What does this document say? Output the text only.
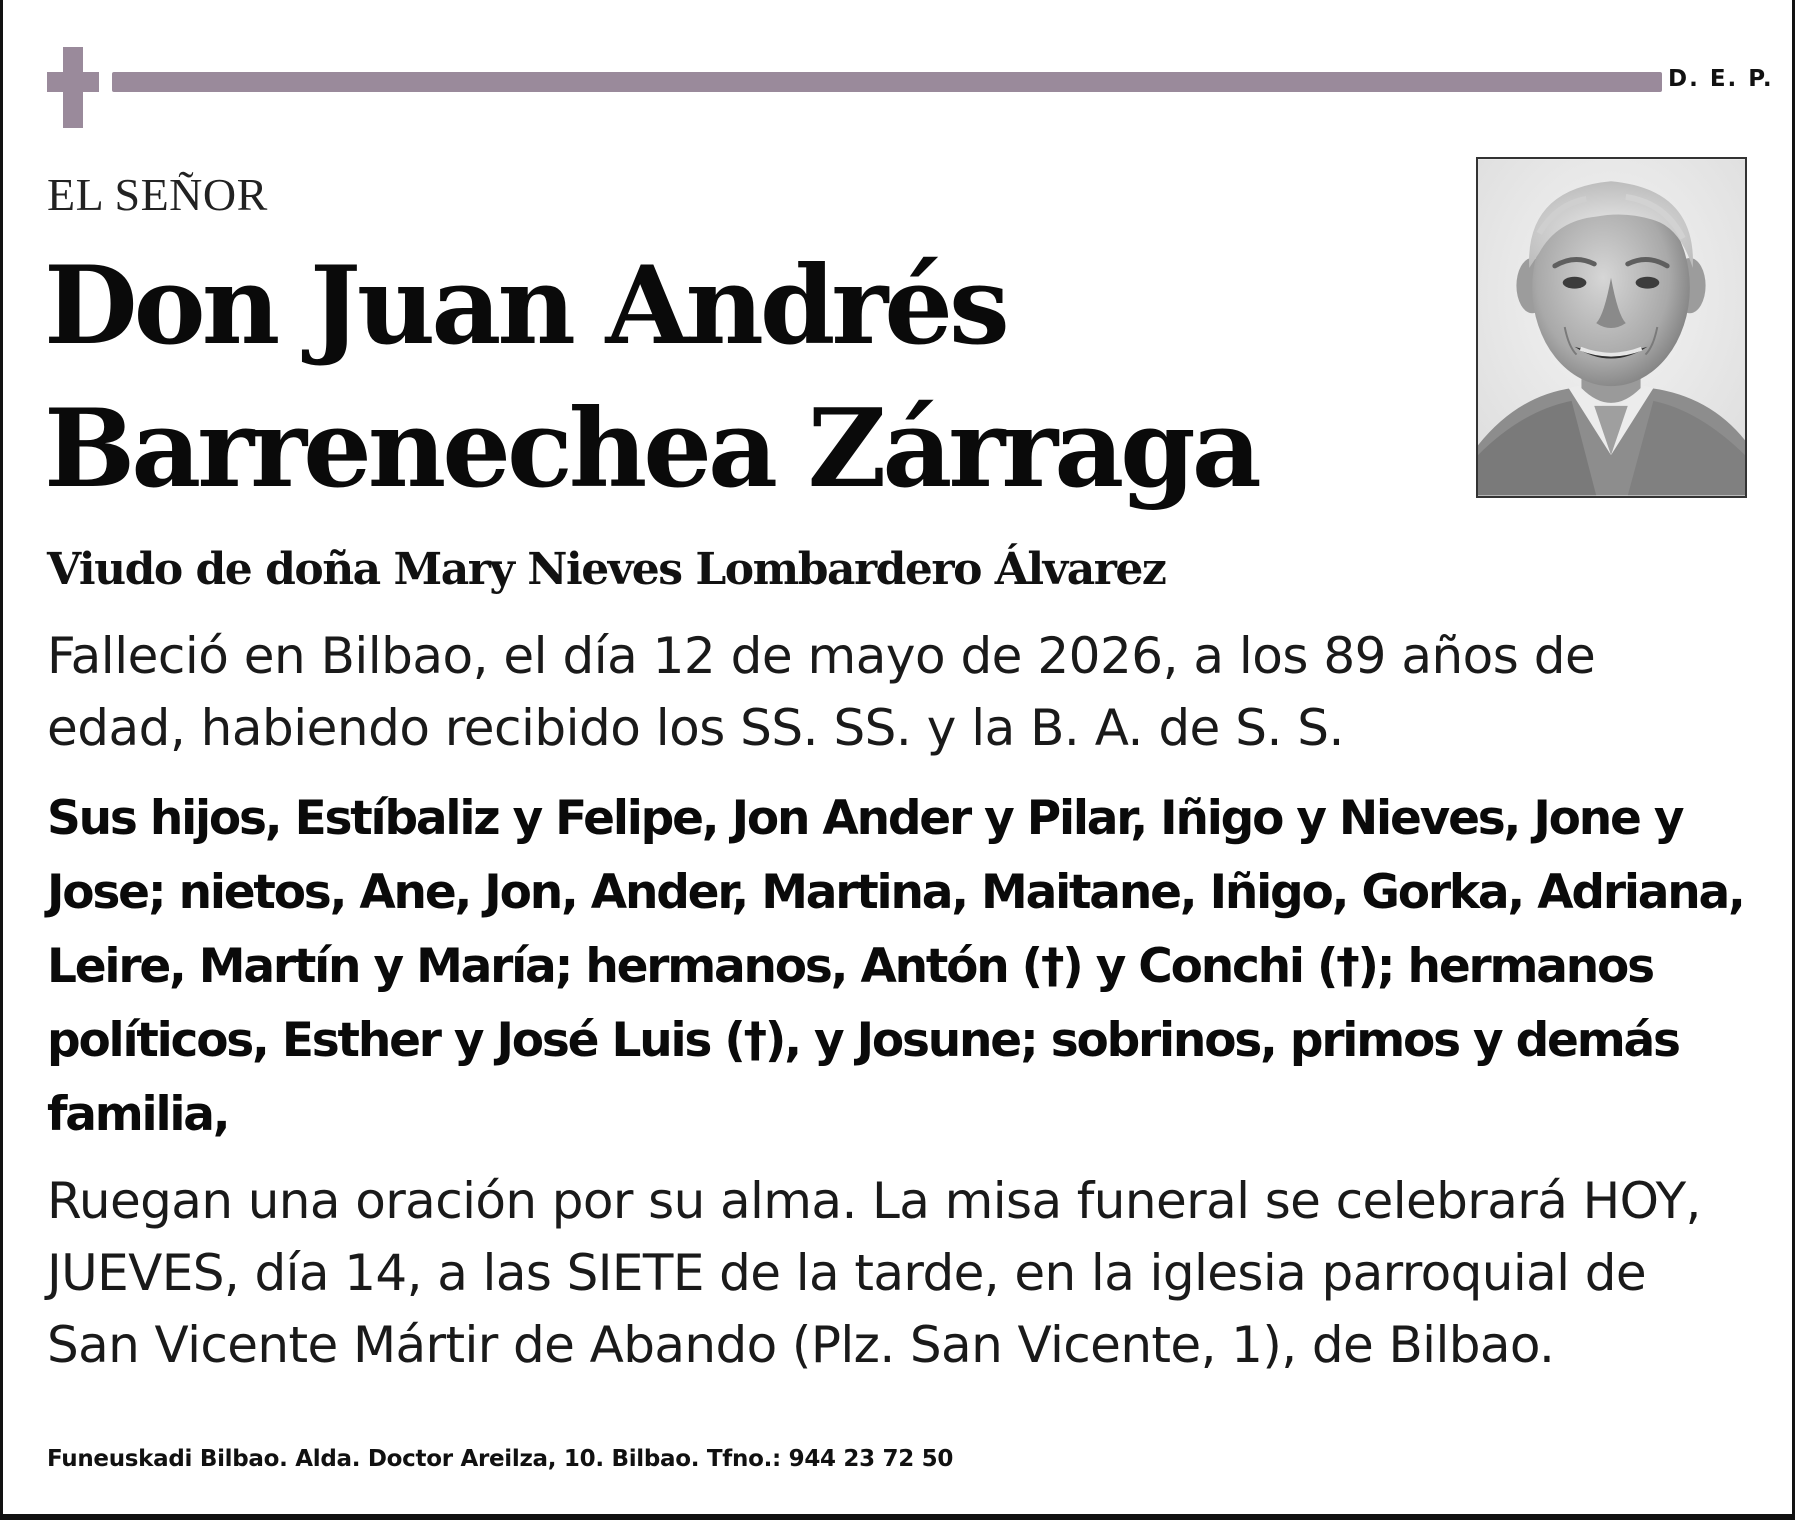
D. E. P.
EL SEÑOR
Don Juan Andrés
Barrenechea Zárraga
Viudo de doña Mary Nieves Lombardero Álvarez

Falleció en Bilbao, el día 12 de mayo de 2026, a los 89 años de edad, habiendo recibido los SS. SS. y la B. A. de S. S.

Sus hijos, Estíbaliz y Felipe, Jon Ander y Pilar, Iñigo y Nieves, Jone y Jose; nietos, Ane, Jon, Ander, Martina, Maitane, Iñigo, Gorka, Adriana, Leire, Martín y María; hermanos, Antón (†) y Conchi (†); hermanos políticos, Esther y José Luis (†), y Josune; sobrinos, primos y demás familia,

Ruegan una oración por su alma. La misa funeral se celebrará HOY, JUEVES, día 14, a las SIETE de la tarde, en la iglesia parroquial de San Vicente Mártir de Abando (Plz. San Vicente, 1), de Bilbao.

Funeuskadi Bilbao. Alda. Doctor Areilza, 10. Bilbao. Tfno.: 944 23 72 50
